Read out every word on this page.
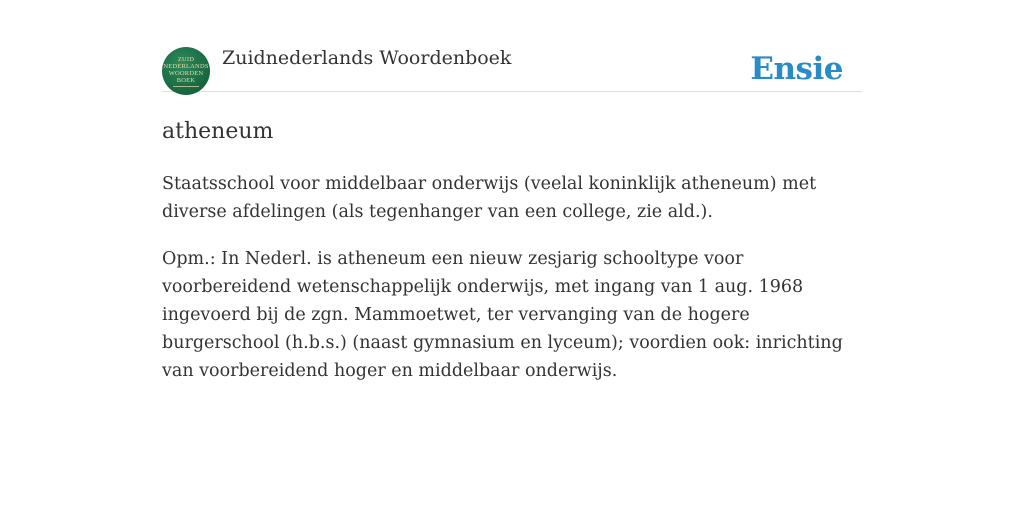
ZUID
NEDERLANDS
WOORDEN
BOEK
Zuidnederlands Woordenboek	Ensie
atheneum

Staatsschool voor middelbaar onderwijs (veelal koninklijk atheneum) met diverse afdelingen (als tegenhanger van een college, zie ald.).

Opm.: In Nederl. is atheneum een nieuw zesjarig schooltype voor voorbereidend wetenschappelijk onderwijs, met ingang van 1 aug. 1968 ingevoerd bij de zgn. Mammoetwet, ter vervanging van de hogere burgerschool (h.b.s.) (naast gymnasium en lyceum); voordien ook: inrichting van voorbereidend hoger en middelbaar onderwijs.
